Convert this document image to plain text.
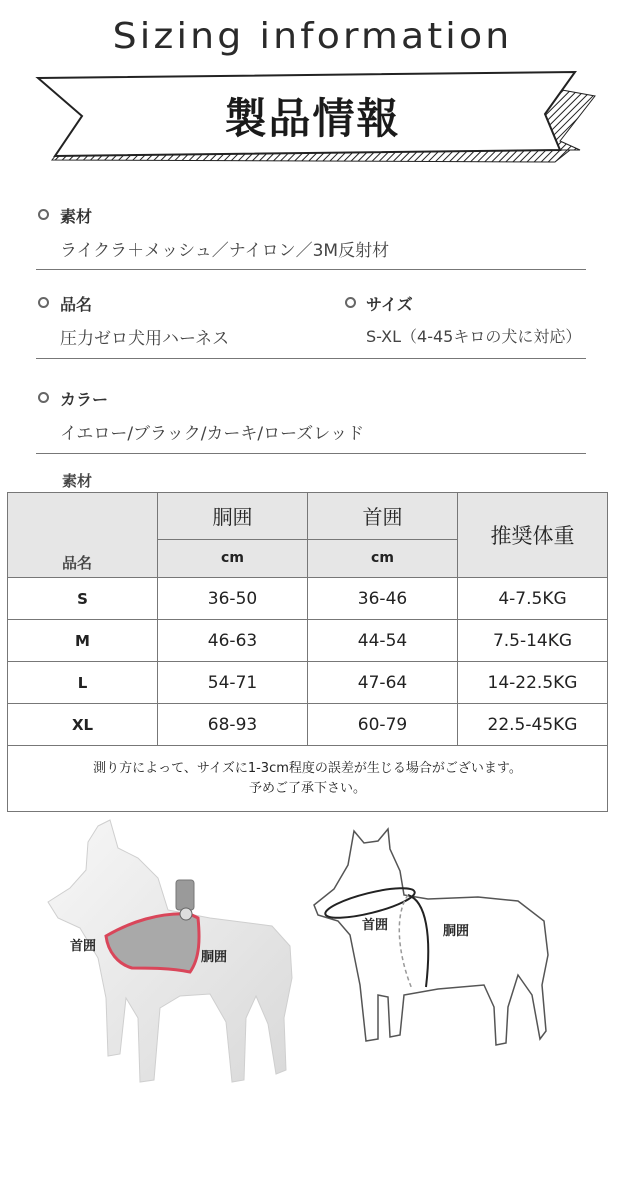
Sizing information
製品情報
素材
ライクラ＋メッシュ／ナイロン／3M反射材
品名
圧力ゼロ犬用ハーネス
サイズ
S-XL（4-45キロの犬に対応）
カラー
イエロー/ブラック/カーキ/ローズレッド
素材
品名	胴囲	首囲	推奨体重
	cm	cm	
S	36-50	36-46	4-7.5KG
M	46-63	44-54	7.5-14KG
L	54-71	47-64	14-22.5KG
XL	68-93	60-79	22.5-45KG

測り方によって、サイズに1-3cm程度の誤差が生じる場合がございます。
予めご了承下さい。			
首囲
胴囲
首囲	胴囲
